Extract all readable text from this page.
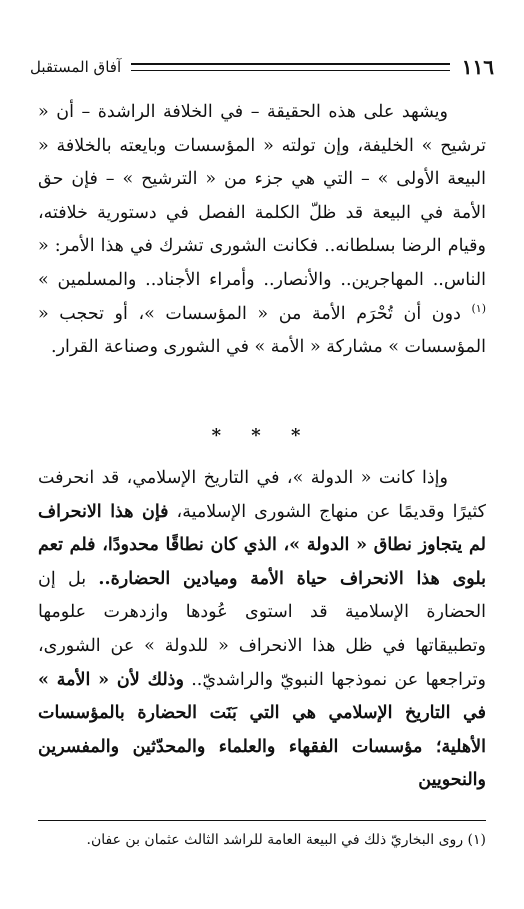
١١٦
آفاق المستقبل
ويشهد على هذه الحقيقة – في الخلافة الراشدة – أن « ترشيح » الخليفة، وإن تولته « المؤسسات وبايعته بالخلافة « البيعة الأولى » – التي هي جزء من « الترشيح » – فإن حق الأمة في البيعة قد ظلّ الكلمة الفصل في دستورية خلافته، وقيام الرضا بسلطانه.. فكانت الشورى تشرك في هذا الأمر: « الناس.. المهاجرين.. والأنصار.. وأمراء الأجناد.. والمسلمين » $^{(١)}$ دون أن تُحْرَم الأمة من « المؤسسات »، أو تحجب « المؤسسات » مشاركة « الأمة » في الشورى وصناعة القرار.
* * *
وإذا كانت « الدولة »، في التاريخ الإسلامي، قد انحرفت كثيرًا وقديمًا عن منهاج الشورى الإسلامية، فإن هذا الانحراف لم يتجاوز نطاق « الدولة »، الذي كان نطاقًا محدودًا، فلم تعم بلوى هذا الانحراف حياة الأمة وميادين الحضارة.. بل إن الحضارة الإسلامية قد استوى عُودها وازدهرت علومها وتطبيقاتها في ظل هذا الانحراف « للدولة » عن الشورى، وتراجعها عن نموذجها النبويّ والراشديّ.. وذلك لأن « الأمة » في التاريخ الإسلامي هي التي بَنَت الحضارة بالمؤسسات الأهلية؛ مؤسسات الفقهاء والعلماء والمحدّثين والمفسرين والنحويين
(١) روى البخاريّ ذلك في البيعة العامة للراشد الثالث عثمان بن عفان.
